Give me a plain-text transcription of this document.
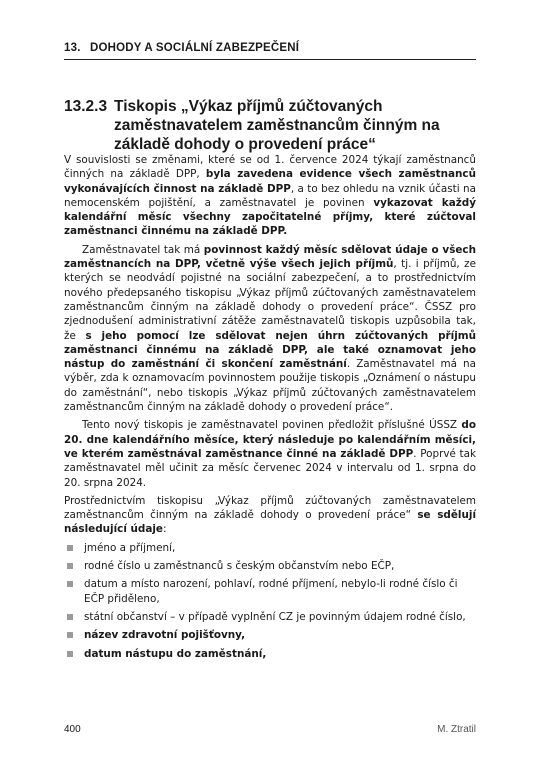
13. DOHODY A SOCIÁLNÍ ZABEZPEČENÍ
13.2.3 Tiskopis „Výkaz příjmů zúčtovaných zaměstnavatelem zaměstnancům činným na základě dohody o provedení práce“

V souvislosti se změnami, které se od 1. července 2024 týkají zaměstnanců činných na základě DPP, byla zavedena evidence všech zaměstnanců vykonávajících činnost na základě DPP, a to bez ohledu na vznik účasti na nemocenském pojištění, a zaměstnavatel je povinen vykazovat každý kalendářní měsíc všechny započitatelné příjmy, které zúčtoval zaměstnanci činnému na základě DPP.

Zaměstnavatel tak má povinnost každý měsíc sdělovat údaje o všech zaměstnancích na DPP, včetně výše všech jejich příjmů, tj. i příjmů, ze kterých se neodvádí pojistné na sociální zabezpečení, a to prostřednictvím nového předepsaného tiskopisu „Výkaz příjmů zúčtovaných zaměstnavatelem zaměstnancům činným na základě dohody o provedení práce“. ČSSZ pro zjednodušení administrativní zátěže zaměstnavatelů tiskopis uzpůsobila tak, že s jeho pomocí lze sdělovat nejen úhrn zúčtovaných příjmů zaměstnanci činnému na základě DPP, ale také oznamovat jeho nástup do zaměstnání či skončení zaměstnání. Zaměstnavatel má na výběr, zda k oznamovacím povinnostem použije tiskopis „Oznámení o nástupu do zaměstnání“, nebo tiskopis „Výkaz příjmů zúčtovaných zaměstnavatelem zaměstnancům činným na základě dohody o provedení práce“.

Tento nový tiskopis je zaměstnavatel povinen předložit příslušné ÚSSZ do 20. dne kalendářního měsíce, který následuje po kalendářním měsíci, ve kterém zaměstnával zaměstnance činné na základě DPP. Poprvé tak zaměstnavatel měl učinit za měsíc červenec 2024 v intervalu od 1. srpna do 20. srpna 2024.

Prostřednictvím tiskopisu „Výkaz příjmů zúčtovaných zaměstnavatelem zaměstnancům činným na základě dohody o provedení práce“ se sdělují následující údaje:

jméno a příjmení,
rodné číslo u zaměstnanců s českým občanstvím nebo EČP,
datum a místo narození, pohlaví, rodné příjmení, nebylo-li rodné číslo či EČP přiděleno,
státní občanství – v případě vyplnění CZ je povinným údajem rodné číslo,
název zdravotní pojišťovny,
datum nástupu do zaměstnání,
400	M. Ztratil
